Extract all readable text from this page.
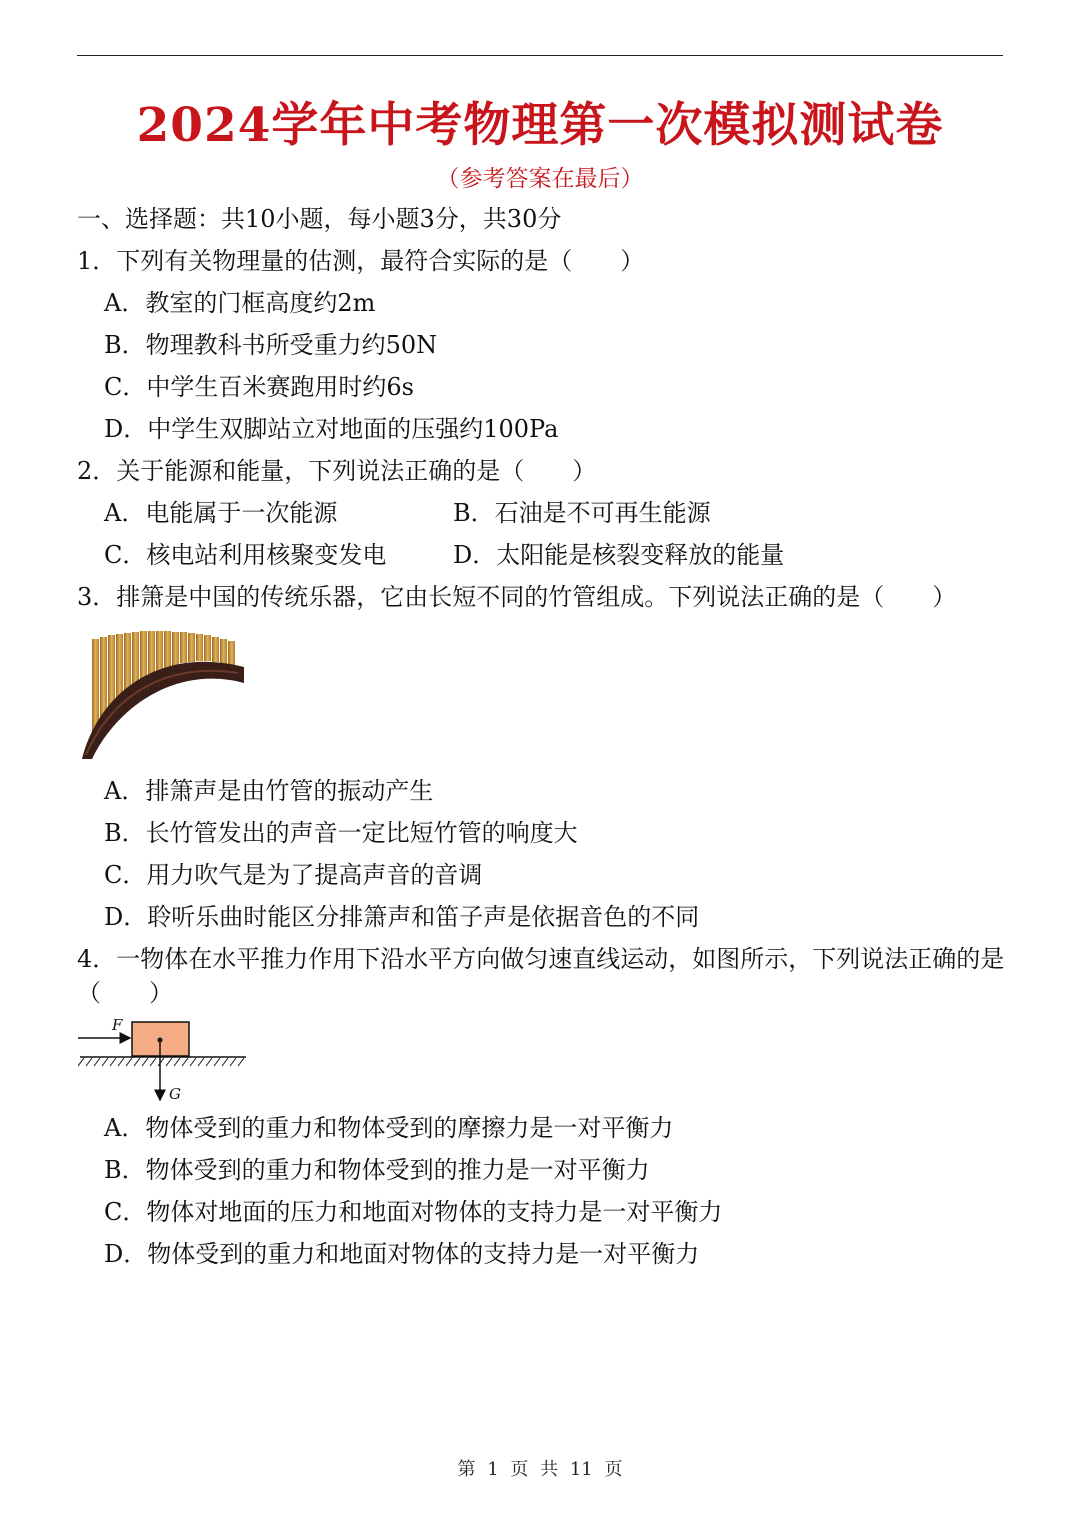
2024学年中考物理第一次模拟测试卷
（参考答案在最后）
一、选择题：共10小题，每小题3分，共30分
1．下列有关物理量的估测，最符合实际的是（　　）
A．教室的门框高度约2m
B．物理教科书所受重力约50N
C．中学生百米赛跑用时约6s
D．中学生双脚站立对地面的压强约100Pa
2．关于能源和能量，下列说法正确的是（　　）
A．电能属于一次能源	B．石油是不可再生能源
C．核电站利用核聚变发电	D．太阳能是核裂变释放的能量
3．排箫是中国的传统乐器，它由长短不同的竹管组成。下列说法正确的是（　　）
A．排箫声是由竹管的振动产生
B．长竹管发出的声音一定比短竹管的响度大
C．用力吹气是为了提高声音的音调
D．聆听乐曲时能区分排箫声和笛子声是依据音色的不同
4．一物体在水平推力作用下沿水平方向做匀速直线运动，如图所示，下列说法正确的是（　　）
F
G
A．物体受到的重力和物体受到的摩擦力是一对平衡力
B．物体受到的重力和物体受到的推力是一对平衡力
C．物体对地面的压力和地面对物体的支持力是一对平衡力
D．物体受到的重力和地面对物体的支持力是一对平衡力
第 1 页 共 11 页
